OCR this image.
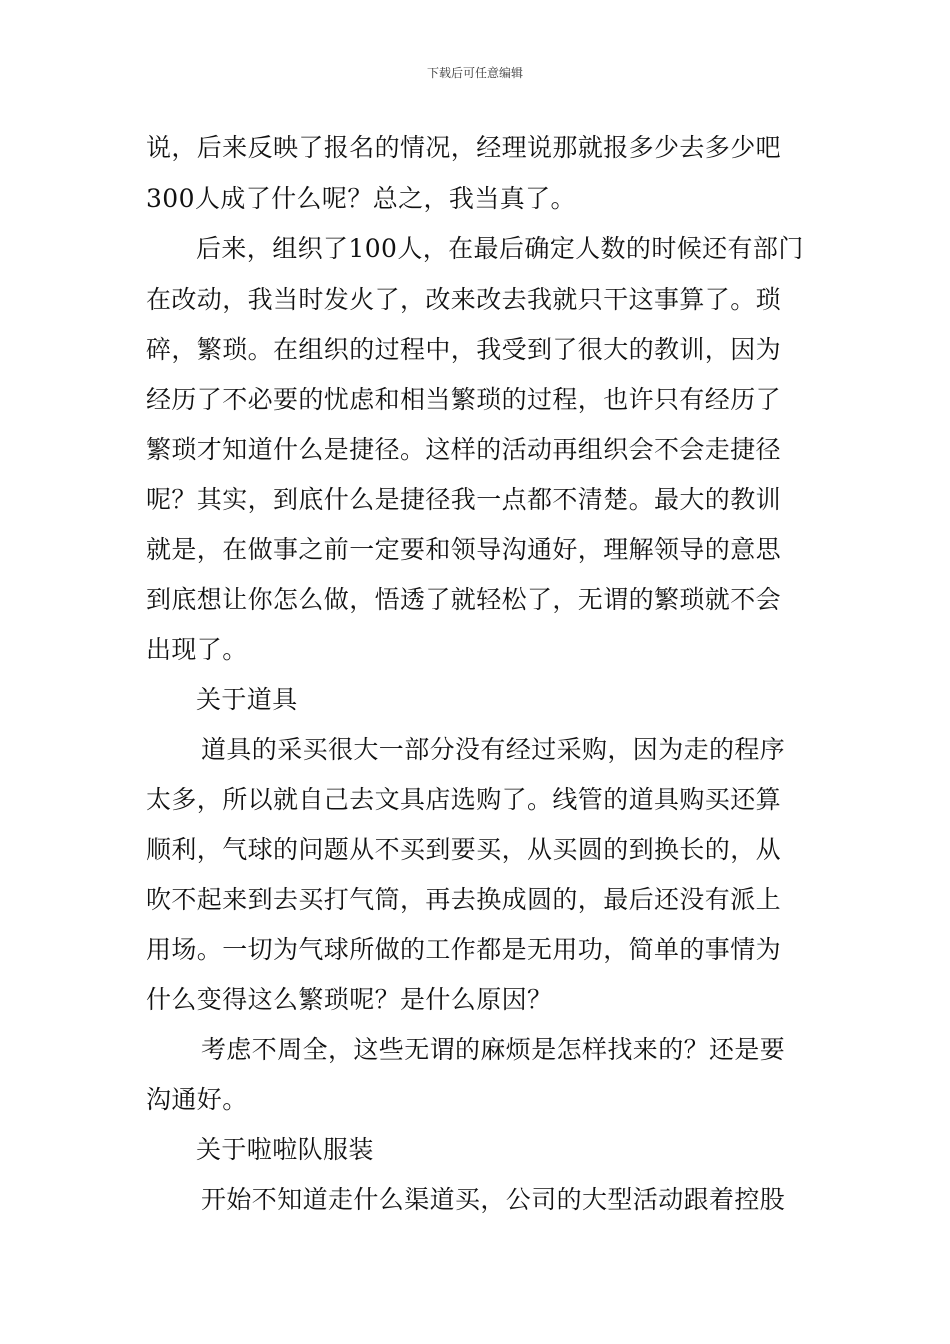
下载后可任意编辑
说，后来反映了报名的情况，经理说那就报多少去多少吧
300人成了什么呢？总之，我当真了。
后来，组织了100人，在最后确定人数的时候还有部门
在改动，我当时发火了，改来改去我就只干这事算了。琐
碎，繁琐。在组织的过程中，我受到了很大的教训，因为
经历了不必要的忧虑和相当繁琐的过程，也许只有经历了
繁琐才知道什么是捷径。这样的活动再组织会不会走捷径
呢？其实，到底什么是捷径我一点都不清楚。最大的教训
就是，在做事之前一定要和领导沟通好，理解领导的意思
到底想让你怎么做，悟透了就轻松了，无谓的繁琐就不会
出现了。
关于道具
道具的采买很大一部分没有经过采购，因为走的程序
太多，所以就自己去文具店选购了。线管的道具购买还算
顺利，气球的问题从不买到要买，从买圆的到换长的，从
吹不起来到去买打气筒，再去换成圆的，最后还没有派上
用场。一切为气球所做的工作都是无用功，简单的事情为
什么变得这么繁琐呢？是什么原因？
考虑不周全，这些无谓的麻烦是怎样找来的？还是要
沟通好。
关于啦啦队服装
开始不知道走什么渠道买，公司的大型活动跟着控股
